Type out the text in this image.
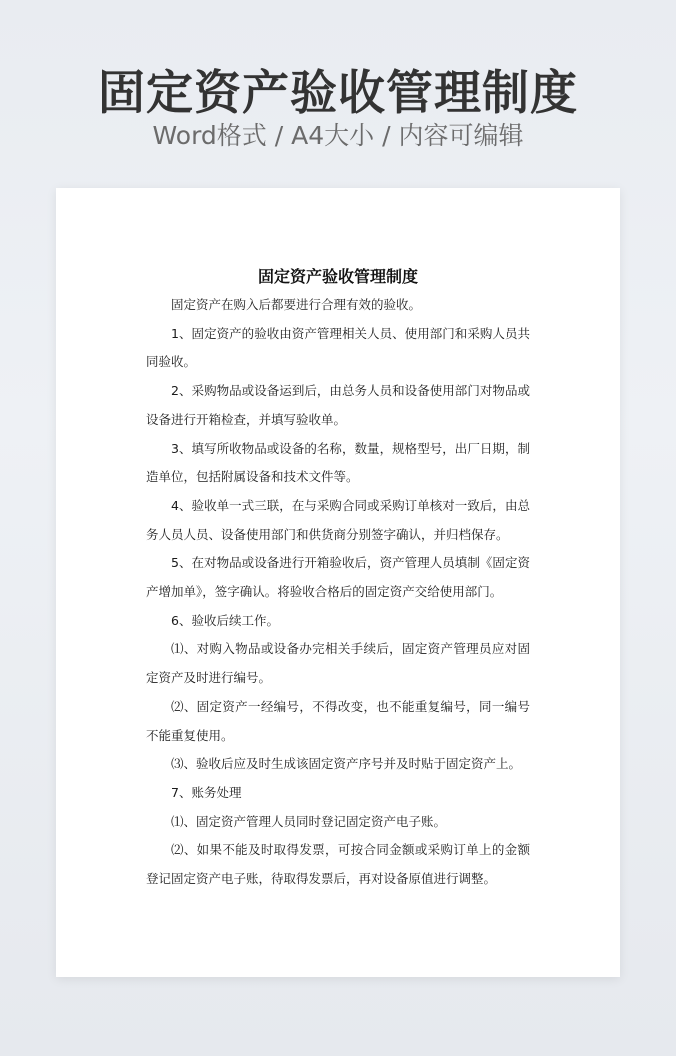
固定资产验收管理制度
Word格式 / A4大小 / 内容可编辑
固定资产验收管理制度

固定资产在购入后都要进行合理有效的验收。

1、固定资产的验收由资产管理相关人员、使用部门和采购人员共同验收。

2、采购物品或设备运到后，由总务人员和设备使用部门对物品或设备进行开箱检查，并填写验收单。

3、填写所收物品或设备的名称，数量，规格型号，出厂日期，制造单位，包括附属设备和技术文件等。

4、验收单一式三联，在与采购合同或采购订单核对一致后，由总务人员人员、设备使用部门和供货商分别签字确认，并归档保存。

5、在对物品或设备进行开箱验收后，资产管理人员填制《固定资产增加单》，签字确认。将验收合格后的固定资产交给使用部门。

6、验收后续工作。

⑴、对购入物品或设备办完相关手续后，固定资产管理员应对固定资产及时进行编号。

⑵、固定资产一经编号，不得改变，也不能重复编号，同一编号不能重复使用。

⑶、验收后应及时生成该固定资产序号并及时贴于固定资产上。

7、账务处理

⑴、固定资产管理人员同时登记固定资产电子账。

⑵、如果不能及时取得发票，可按合同金额或采购订单上的金额登记固定资产电子账，待取得发票后，再对设备原值进行调整。
